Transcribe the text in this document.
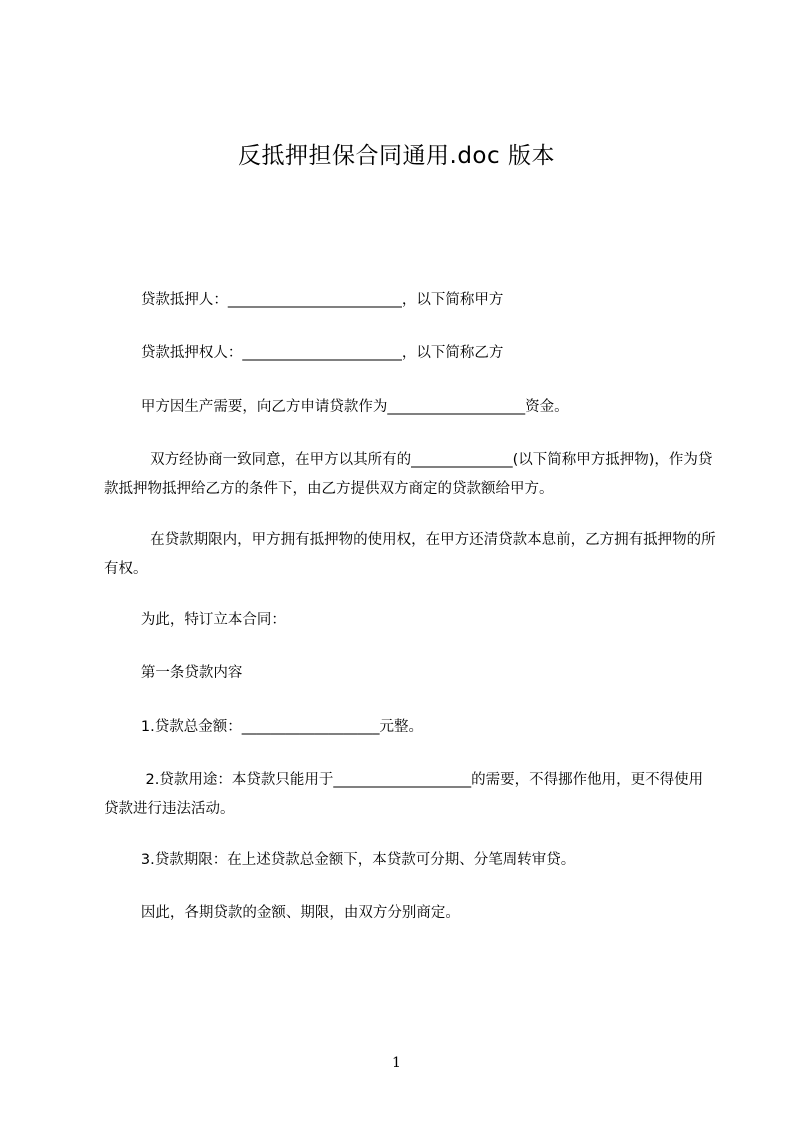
反抵押担保合同通用.doc 版本
贷款抵押人：________________________，以下简称甲方
贷款抵押权人：______________________，以下简称乙方
甲方因生产需要，向乙方申请贷款作为___________________资金。
双方经协商一致同意，在甲方以其所有的______________(以下简称甲方抵押物)，作为贷款抵押物抵押给乙方的条件下，由乙方提供双方商定的贷款额给甲方。
在贷款期限内，甲方拥有抵押物的使用权，在甲方还清贷款本息前，乙方拥有抵押物的所有权。
为此，特订立本合同：
第一条贷款内容
1.贷款总金额：___________________元整。
2.贷款用途：本贷款只能用于___________________的需要，不得挪作他用，更不得使用贷款进行违法活动。
3.贷款期限：在上述贷款总金额下，本贷款可分期、分笔周转审贷。
因此，各期贷款的金额、期限，由双方分别商定。
1
